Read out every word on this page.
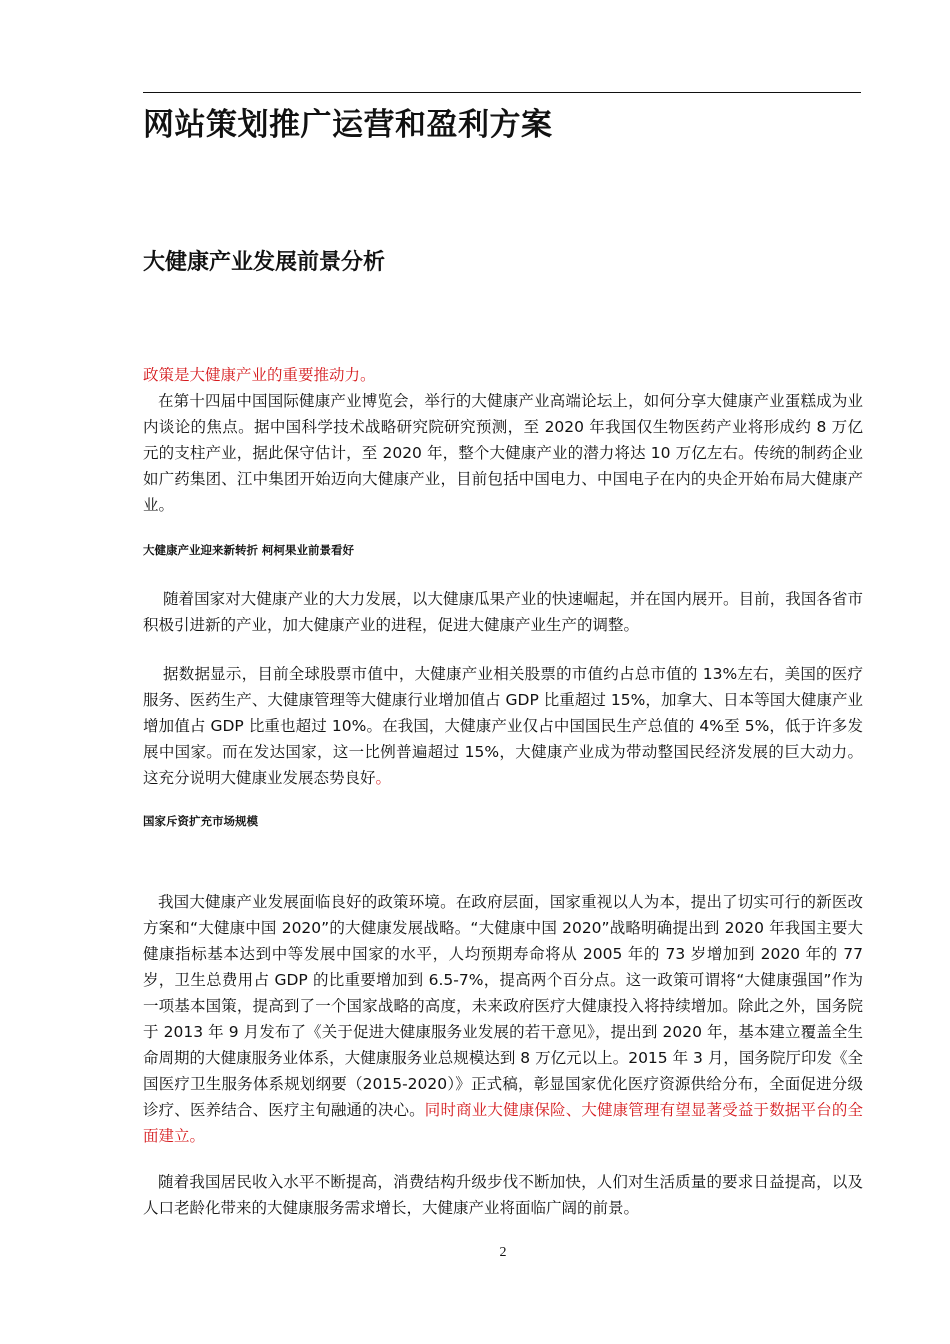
网站策划推广运营和盈利方案
大健康产业发展前景分析

政策是大健康产业的重要推动力。

在第十四届中国国际健康产业博览会，举行的大健康产业高端论坛上，如何分享大健康产业蛋糕成为业内谈论的焦点。据中国科学技术战略研究院研究预测，至 2020 年我国仅生物医药产业将形成约 8 万亿元的支柱产业，据此保守估计，至 2020 年，整个大健康产业的潜力将达 10 万亿左右。传统的制药企业如广药集团、江中集团开始迈向大健康产业，目前包括中国电力、中国电子在内的央企开始布局大健康产业。

大健康产业迎来新转折 柯柯果业前景看好

随着国家对大健康产业的大力发展，以大健康瓜果产业的快速崛起，并在国内展开。目前，我国各省市积极引进新的产业，加大健康产业的进程，促进大健康产业生产的调整。

据数据显示，目前全球股票市值中，大健康产业相关股票的市值约占总市值的 13%左右，美国的医疗服务、医药生产、大健康管理等大健康行业增加值占 GDP 比重超过 15%，加拿大、日本等国大健康产业增加值占 GDP 比重也超过 10%。在我国，大健康产业仅占中国国民生产总值的 4%至 5%，低于许多发展中国家。而在发达国家，这一比例普遍超过 15%，大健康产业成为带动整国民经济发展的巨大动力。这充分说明大健康业发展态势良好。

国家斥资扩充市场规模

我国大健康产业发展面临良好的政策环境。在政府层面，国家重视以人为本，提出了切实可行的新医改方案和“大健康中国 2020”的大健康发展战略。“大健康中国 2020”战略明确提出到 2020 年我国主要大健康指标基本达到中等发展中国家的水平，人均预期寿命将从 2005 年的 73 岁增加到 2020 年的 77 岁，卫生总费用占 GDP 的比重要增加到 6.5-7%，提高两个百分点。这一政策可谓将“大健康强国”作为一项基本国策，提高到了一个国家战略的高度，未来政府医疗大健康投入将持续增加。除此之外，国务院于 2013 年 9 月发布了《关于促进大健康服务业发展的若干意见》，提出到 2020 年，基本建立覆盖全生命周期的大健康服务业体系，大健康服务业总规模达到 8 万亿元以上。2015 年 3 月，国务院厅印发《全国医疗卫生服务体系规划纲要（2015-2020）》正式稿，彰显国家优化医疗资源供给分布，全面促进分级诊疗、医养结合、医疗主旬融通的决心。同时商业大健康保险、大健康管理有望显著受益于数据平台的全面建立。

随着我国居民收入水平不断提高，消费结构升级步伐不断加快，人们对生活质量的要求日益提高，以及人口老龄化带来的大健康服务需求增长，大健康产业将面临广阔的前景。

2
